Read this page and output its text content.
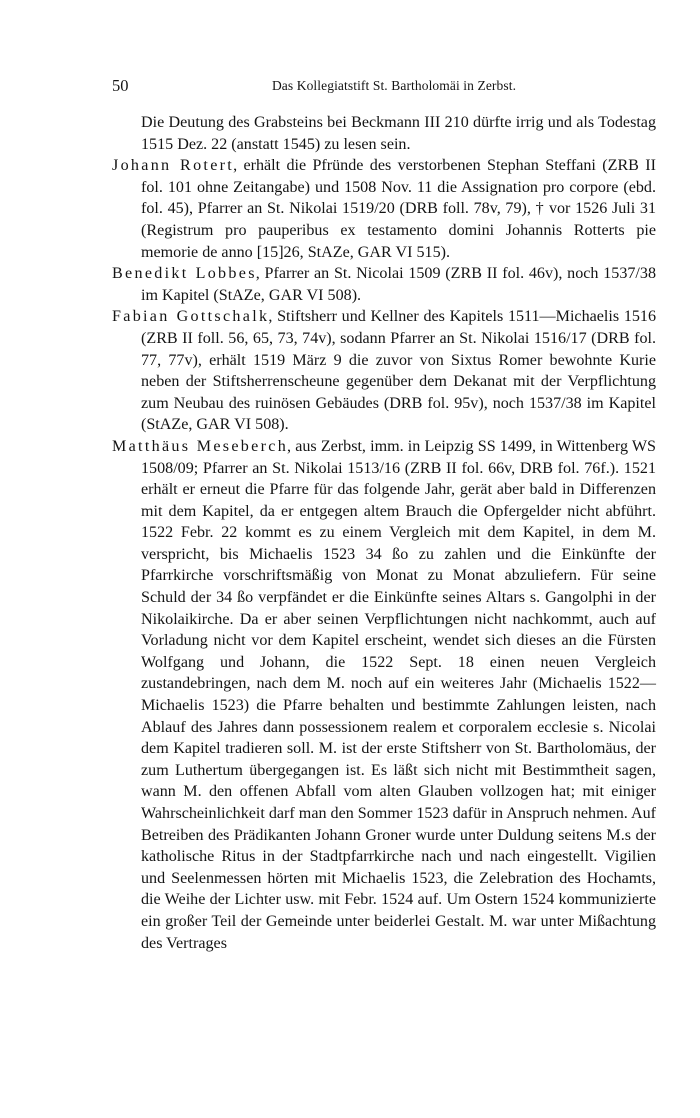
50	Das Kollegiatstift St. Bartholomäi in Zerbst.

Die Deutung des Grabsteins bei Beckmann III 210 dürfte irrig und als Todestag 1515 Dez. 22 (anstatt 1545) zu lesen sein.

Johann Rotert, erhält die Pfründe des verstorbenen Stephan Steffani (ZRB II fol. 101 ohne Zeitangabe) und 1508 Nov. 11 die Assignation pro corpore (ebd. fol. 45), Pfarrer an St. Nikolai 1519/20 (DRB foll. 78v, 79), † vor 1526 Juli 31 (Registrum pro pauperibus ex testamento domini Johannis Rotterts pie memorie de anno [15]26, StAZe, GAR VI 515).

Benedikt Lobbes, Pfarrer an St. Nicolai 1509 (ZRB II fol. 46v), noch 1537/38 im Kapitel (StAZe, GAR VI 508).

Fabian Gottschalk, Stiftsherr und Kellner des Kapitels 1511—Michaelis 1516 (ZRB II foll. 56, 65, 73, 74v), sodann Pfarrer an St. Nikolai 1516/17 (DRB fol. 77, 77v), erhält 1519 März 9 die zuvor von Sixtus Romer bewohnte Kurie neben der Stiftsherrenscheune gegenüber dem Dekanat mit der Verpflichtung zum Neubau des ruinösen Gebäudes (DRB fol. 95v), noch 1537/38 im Kapitel (StAZe, GAR VI 508).

Matthäus Meseberch, aus Zerbst, imm. in Leipzig SS 1499, in Wittenberg WS 1508/09; Pfarrer an St. Nikolai 1513/16 (ZRB II fol. 66v, DRB fol. 76f.). 1521 erhält er erneut die Pfarre für das folgende Jahr, gerät aber bald in Differenzen mit dem Kapitel, da er entgegen altem Brauch die Opfergelder nicht abführt. 1522 Febr. 22 kommt es zu einem Vergleich mit dem Kapitel, in dem M. verspricht, bis Michaelis 1523 34 ßo zu zahlen und die Einkünfte der Pfarrkirche vorschriftsmäßig von Monat zu Monat abzuliefern. Für seine Schuld der 34 ßo verpfändet er die Einkünfte seines Altars s. Gangolphi in der Nikolaikirche. Da er aber seinen Verpflichtungen nicht nachkommt, auch auf Vorladung nicht vor dem Kapitel erscheint, wendet sich dieses an die Fürsten Wolfgang und Johann, die 1522 Sept. 18 einen neuen Vergleich zustandebringen, nach dem M. noch auf ein weiteres Jahr (Michaelis 1522—Michaelis 1523) die Pfarre behalten und bestimmte Zahlungen leisten, nach Ablauf des Jahres dann possessionem realem et corporalem ecclesie s. Nicolai dem Kapitel tradieren soll. M. ist der erste Stiftsherr von St. Bartholomäus, der zum Luthertum übergegangen ist. Es läßt sich nicht mit Bestimmtheit sagen, wann M. den offenen Abfall vom alten Glauben vollzogen hat; mit einiger Wahrscheinlichkeit darf man den Sommer 1523 dafür in Anspruch nehmen. Auf Betreiben des Prädikanten Johann Groner wurde unter Duldung seitens M.s der katholische Ritus in der Stadtpfarrkirche nach und nach eingestellt. Vigilien und Seelenmessen hörten mit Michaelis 1523, die Zelebration des Hochamts, die Weihe der Lichter usw. mit Febr. 1524 auf. Um Ostern 1524 kommunizierte ein großer Teil der Gemeinde unter beiderlei Gestalt. M. war unter Mißachtung des Vertrages
